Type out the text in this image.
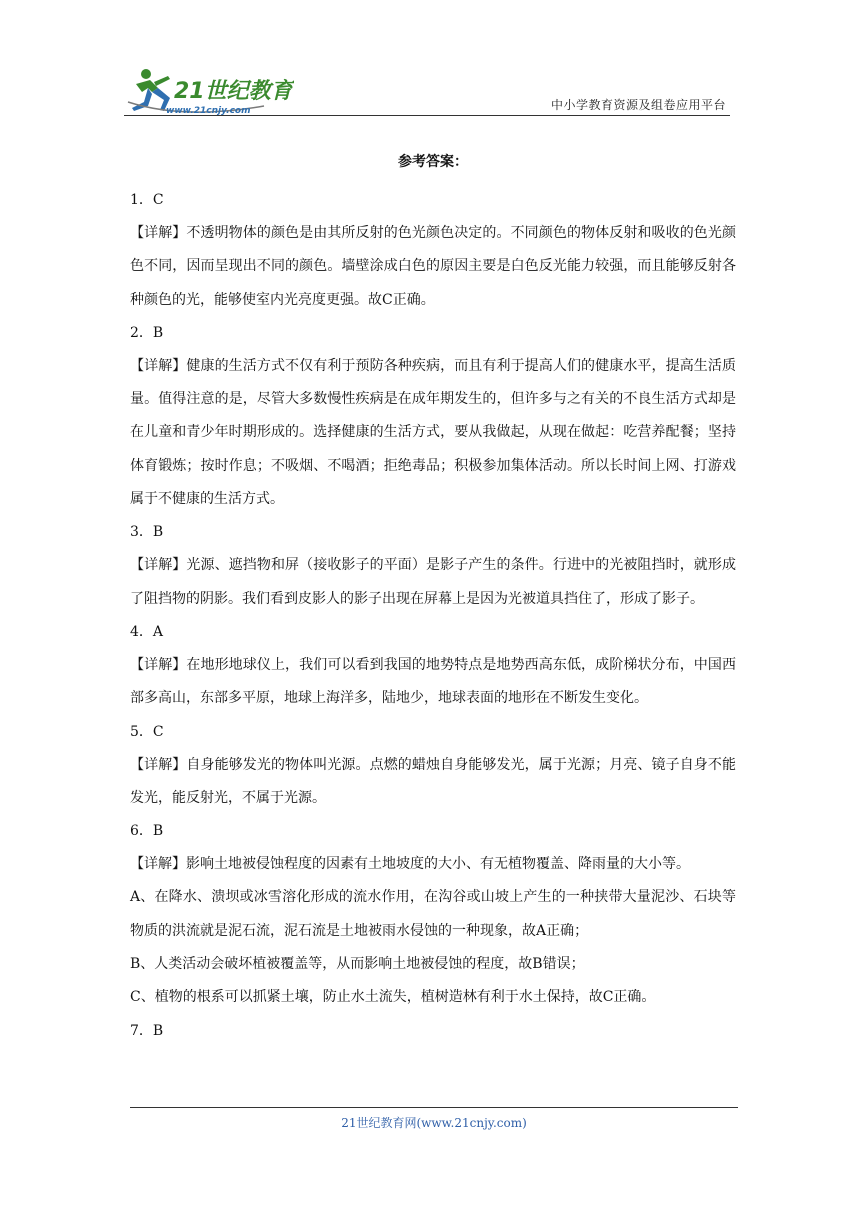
21世纪教育
www.21cnjy.com	中小学教育资源及组卷应用平台
参考答案：

1．C

【详解】不透明物体的颜色是由其所反射的色光颜色决定的。不同颜色的物体反射和吸收的色光颜色不同，因而呈现出不同的颜色。墙壁涂成白色的原因主要是白色反光能力较强，而且能够反射各种颜色的光，能够使室内光亮度更强。故C正确。

2．B

【详解】健康的生活方式不仅有利于预防各种疾病，而且有利于提高人们的健康水平，提高生活质量。值得注意的是，尽管大多数慢性疾病是在成年期发生的，但许多与之有关的不良生活方式却是在儿童和青少年时期形成的。选择健康的生活方式，要从我做起，从现在做起：吃营养配餐；坚持体育锻炼；按时作息；不吸烟、不喝酒；拒绝毒品；积极参加集体活动。所以长时间上网、打游戏属于不健康的生活方式。

3．B

【详解】光源、遮挡物和屏（接收影子的平面）是影子产生的条件。行进中的光被阻挡时，就形成了阻挡物的阴影。我们看到皮影人的影子出现在屏幕上是因为光被道具挡住了，形成了影子。

4．A

【详解】在地形地球仪上，我们可以看到我国的地势特点是地势西高东低，成阶梯状分布，中国西部多高山，东部多平原，地球上海洋多，陆地少，地球表面的地形在不断发生变化。

5．C

【详解】自身能够发光的物体叫光源。点燃的蜡烛自身能够发光，属于光源；月亮、镜子自身不能发光，能反射光，不属于光源。

6．B

【详解】影响土地被侵蚀程度的因素有土地坡度的大小、有无植物覆盖、降雨量的大小等。

A、在降水、溃坝或冰雪溶化形成的流水作用，在沟谷或山坡上产生的一种挟带大量泥沙、石块等物质的洪流就是泥石流，泥石流是土地被雨水侵蚀的一种现象，故A正确；

B、人类活动会破坏植被覆盖等，从而影响土地被侵蚀的程度，故B错误；

C、植物的根系可以抓紧土壤，防止水土流失，植树造林有利于水土保持，故C正确。

7．B

21世纪教育网(www.21cnjy.com)
